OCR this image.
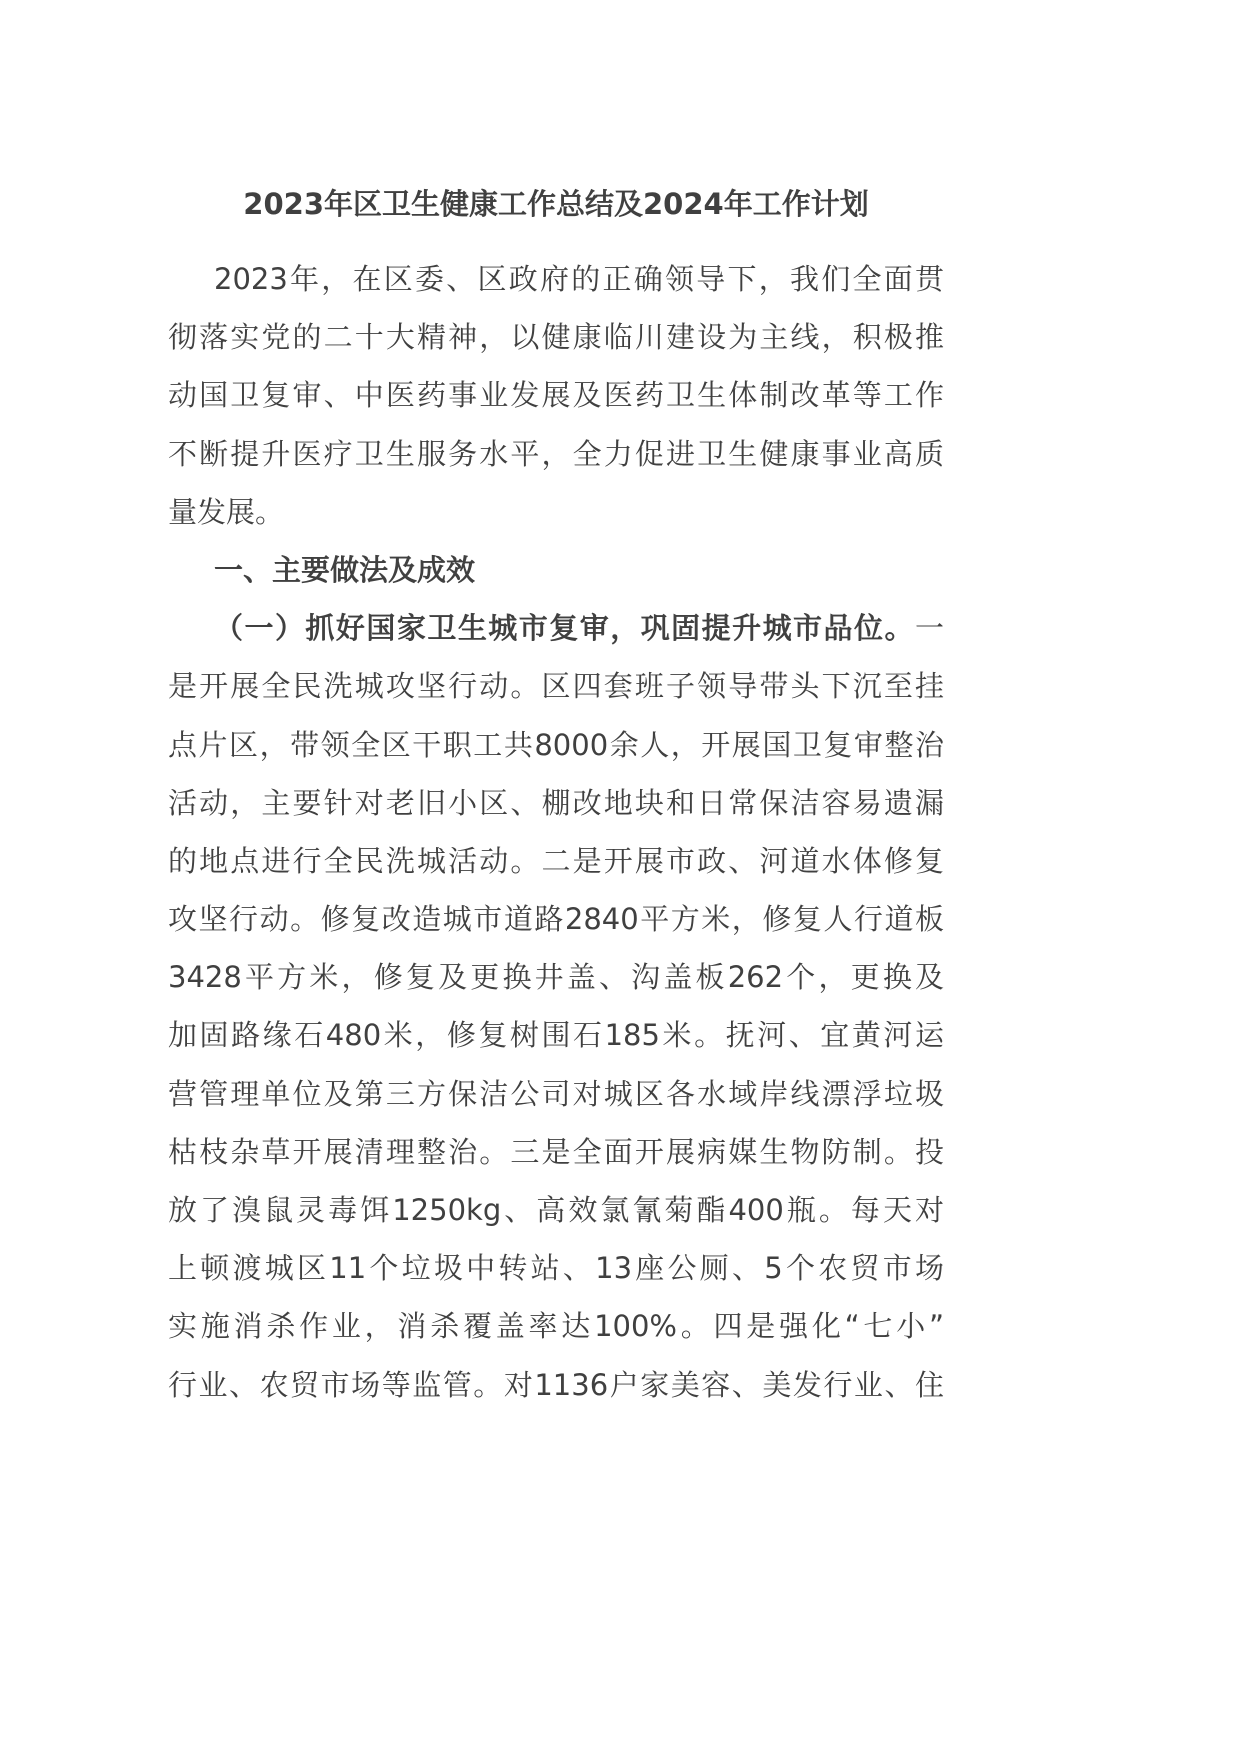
2023年区卫生健康工作总结及2024年工作计划
2023年，在区委、区政府的正确领导下，我们全面贯
彻落实党的二十大精神，以健康临川建设为主线，积极推
动国卫复审、中医药事业发展及医药卫生体制改革等工作
不断提升医疗卫生服务水平，全力促进卫生健康事业高质
量发展。
一、主要做法及成效
（一）抓好国家卫生城市复审，巩固提升城市品位。一
是开展全民洗城攻坚行动。区四套班子领导带头下沉至挂
点片区，带领全区干职工共8000余人，开展国卫复审整治
活动，主要针对老旧小区、棚改地块和日常保洁容易遗漏
的地点进行全民洗城活动。二是开展市政、河道水体修复
攻坚行动。修复改造城市道路2840平方米，修复人行道板
3428平方米，修复及更换井盖、沟盖板262个，更换及
加固路缘石480米，修复树围石185米。抚河、宜黄河运
营管理单位及第三方保洁公司对城区各水域岸线漂浮垃圾
枯枝杂草开展清理整治。三是全面开展病媒生物防制。投
放了溴鼠灵毒饵1250kg、高效氯氰菊酯400瓶。每天对
上顿渡城区11个垃圾中转站、13座公厕、5个农贸市场
实施消杀作业，消杀覆盖率达100%。四是强化“七小”
行业、农贸市场等监管。对1136户家美容、美发行业、住
